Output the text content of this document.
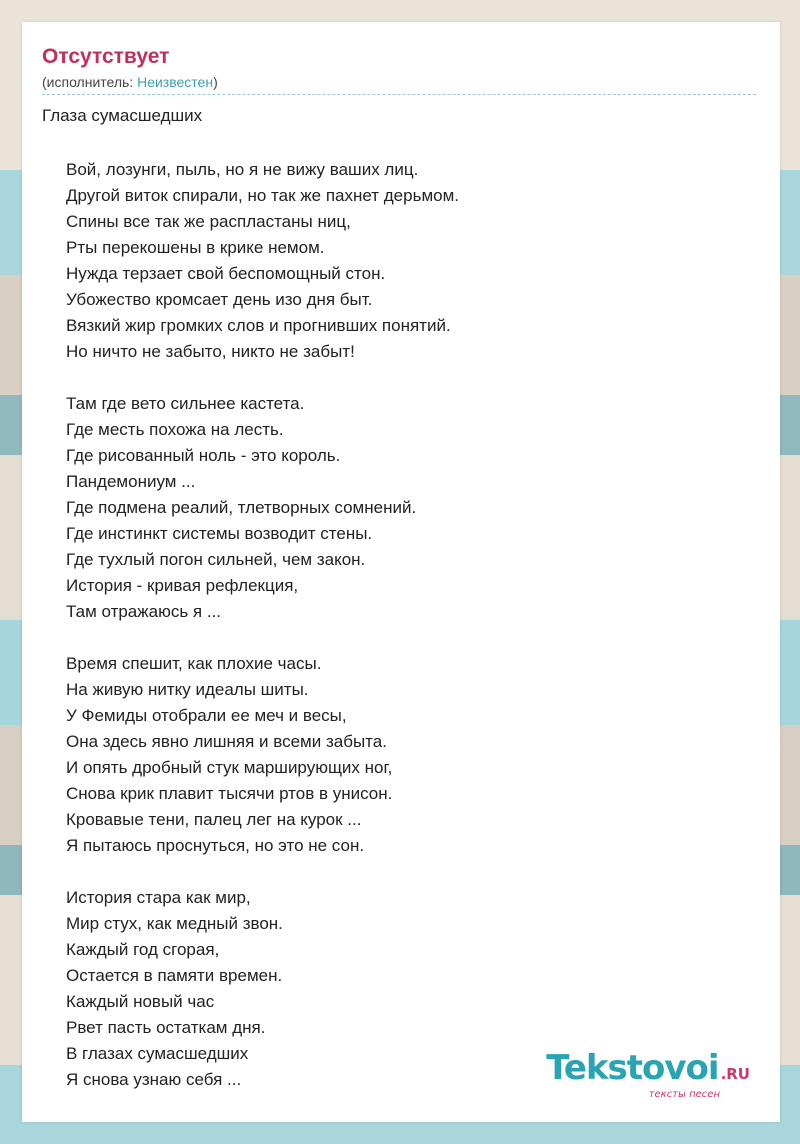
Отсутствует
(исполнитель: Неизвестен)
Глаза сумасшедших
Вой, лозунги, пыль, но я не вижу ваших лиц.
Другой виток спирали, но так же пахнет дерьмом.
Спины все так же распластаны ниц,
Рты перекошены в крике немом.
Нужда терзает свой беспомощный стон.
Убожество кромсает день изо дня быт.
Вязкий жир громких слов и прогнивших понятий.
Но ничто не забыто, никто не забыт!
Там где вето сильнее кастета.
Где месть похожа на лесть.
Где рисованный ноль - это король.
Пандемониум ...
Где подмена реалий, тлетворных сомнений.
Где инстинкт системы возводит стены.
Где тухлый погон сильней, чем закон.
История - кривая рефлекция,
Там отражаюсь я ...
Время спешит, как плохие часы.
На живую нитку идеалы шиты.
У Фемиды отобрали ее меч и весы,
Она здесь явно лишняя и всеми забыта.
И опять дробный стук марширующих ног,
Снова крик плавит тысячи ртов в унисон.
Кровавые тени, палец лег на курок ...
Я пытаюсь проснуться, но это не сон.
История стара как мир,
Мир стух, как медный звон.
Каждый год сгорая,
Остается в памяти времен.
Каждый новый час
Рвет пасть остаткам дня.
В глазах сумасшедших
Я снова узнаю себя ...	Tekstovoi .RU
тексты песен
